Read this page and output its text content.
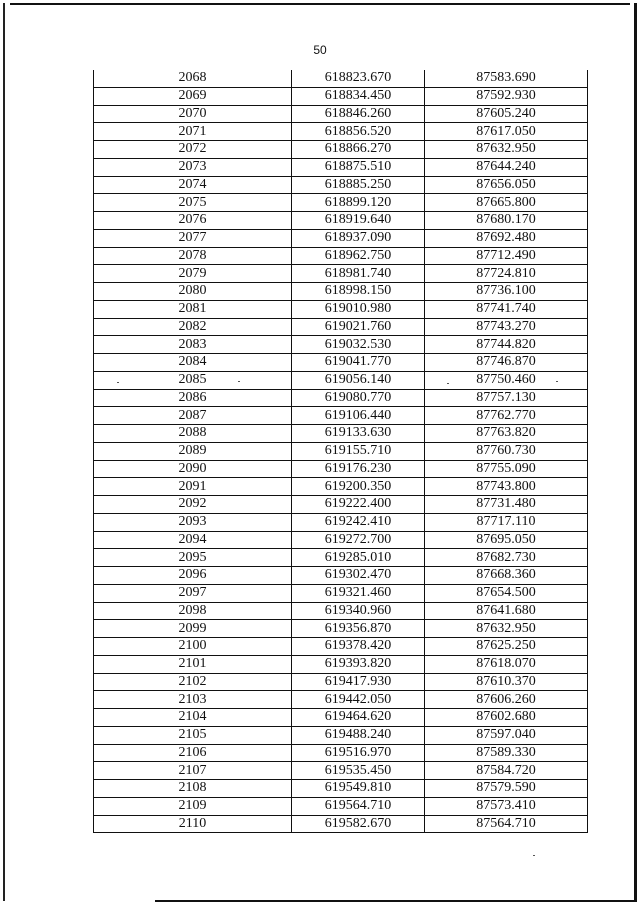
50
2068	618823.670	87583.690
2069	618834.450	87592.930
2070	618846.260	87605.240
2071	618856.520	87617.050
2072	618866.270	87632.950
2073	618875.510	87644.240
2074	618885.250	87656.050
2075	618899.120	87665.800
2076	618919.640	87680.170
2077	618937.090	87692.480
2078	618962.750	87712.490
2079	618981.740	87724.810
2080	618998.150	87736.100
2081	619010.980	87741.740
2082	619021.760	87743.270
2083	619032.530	87744.820
2084	619041.770	87746.870
2085	619056.140	87750.460
2086	619080.770	87757.130
2087	619106.440	87762.770
2088	619133.630	87763.820
2089	619155.710	87760.730
2090	619176.230	87755.090
2091	619200.350	87743.800
2092	619222.400	87731.480
2093	619242.410	87717.110
2094	619272.700	87695.050
2095	619285.010	87682.730
2096	619302.470	87668.360
2097	619321.460	87654.500
2098	619340.960	87641.680
2099	619356.870	87632.950
2100	619378.420	87625.250
2101	619393.820	87618.070
2102	619417.930	87610.370
2103	619442.050	87606.260
2104	619464.620	87602.680
2105	619488.240	87597.040
2106	619516.970	87589.330
2107	619535.450	87584.720
2108	619549.810	87579.590
2109	619564.710	87573.410
2110	619582.670	87564.710
